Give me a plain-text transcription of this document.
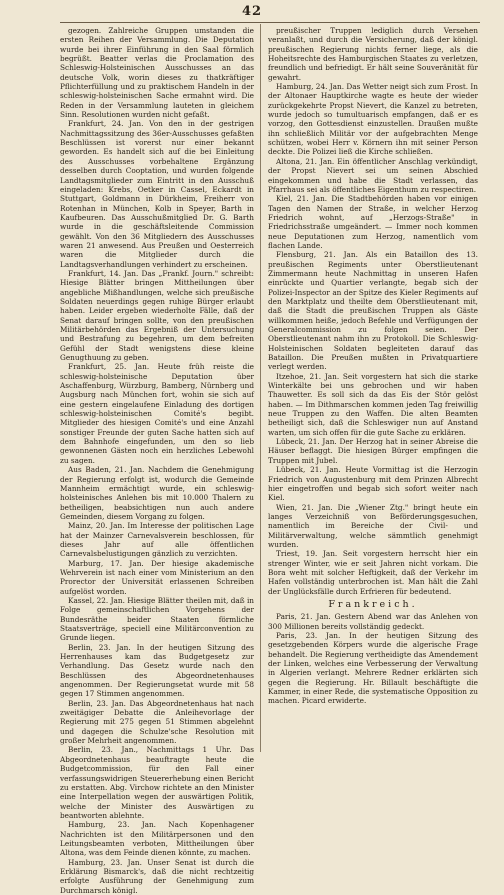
42

gezogen. Zahlreiche Gruppen umstanden die ersten Reihen der Versammlung. Die Deputation wurde bei ihrer Einführung in den Saal förmlich begrüßt. Beatter verlas die Proclamation des Schleswig-Holsteinischen Ausschusses an das deutsche Volk, worin dieses zu thatkräftiger Pflichterfüllung und zu praktischem Handeln in der schleswig-holsteinischen Sache ermahnt wird. Die Reden in der Versammlung lauteten in gleichem Sinn. Resolutionen wurden nicht gefaßt.

Frankfurt, 24. Jan. Von den in der gestrigen Nachmittagssitzung des 36er-Ausschusses gefaßten Beschlüssen ist vorerst nur einer bekannt geworden. Es handelt sich auf die bei Einleitung des Ausschusses vorbehaltene Ergänzung desselben durch Cooptation, und wurden folgende Landtagsmitglieder zum Eintritt in den Ausschuß eingeladen: Krebs, Oetker in Cassel, Eckardt in Stuttgart, Goldmann in Dürkheim, Freiherr von Rotenhan in München, Kolb in Speyer, Barth in Kaufbeuren. Das Ausschußmitglied Dr. G. Barth wurde in die geschäftsleitende Commission gewählt. Von den 36 Mitgliedern des Ausschusses waren 21 anwesend. Aus Preußen und Oesterreich waren die Mitglieder durch die Landtagsverhandlungen verhindert zu erscheinen.

Frankfurt, 14. Jan. Das „Frankf. Journ." schreibt: Hiesige Blätter bringen Mittheilungen über angebliche Mißhandlungen, welche sich preußische Soldaten neuerdings gegen ruhige Bürger erlaubt haben. Leider ergeben wiederholte Fälle, daß der Senat darauf bringen sollte, von den preußischen Militärbehörden das Ergebniß der Untersuchung und Bestrafung zu begehren, um dem befreiten Gefühl der Stadt wenigstens diese kleine Genugthuung zu geben.

Frankfurt, 25. Jan. Heute früh reiste die schleswig-holsteinische Deputation über Aschaffenburg, Würzburg, Bamberg, Nürnberg und Augsburg nach München fort, wohin sie sich auf eine gestern eingelaufene Einladung des dortigen schleswig-holsteinischen Comité's begibt. Mitglieder des hiesigen Comité's und eine Anzahl sonstiger Freunde der guten Sache hatten sich auf dem Bahnhofe eingefunden, um den so lieb gewonnenen Gästen noch ein herzliches Lebewohl zu sagen.

Aus Baden, 21. Jan. Nachdem die Genehmigung der Regierung erfolgt ist, wodurch die Gemeinde Mannheim ermächtigt wurde, ein schleswig-holsteinisches Anlehen bis mit 10.000 Thalern zu betheiligen, beabsichtigen nun auch andere Gemeinden, diesem Vorgang zu folgen.

Mainz, 20. Jan. Im Interesse der politischen Lage hat der Mainzer Carnevalsverein beschlossen, für dieses Jahr auf alle öffentlichen Carnevalsbelustigungen gänzlich zu verzichten.

Marburg, 17. Jan. Der hiesige akademische Wehrverein ist nach einer vom Ministerium an den Prorector der Universität erlassenen Schreiben aufgelöst worden.

Kassel, 22. Jan. Hiesige Blätter theilen mit, daß in Folge gemeinschaftlichen Vorgehens der Bundesräthe beider Staaten förmliche Staatsverträge, speciell eine Militärconvention zu Grunde liegen.

Berlin, 23. Jan. In der heutigen Sitzung des Herrenhauses kam das Budgetgesetz zur Verhandlung. Das Gesetz wurde nach den Beschlüssen des Abgeordnetenhauses angenommen. Der Regierungsetat wurde mit 58 gegen 17 Stimmen angenommen.

Berlin, 23. Jan. Das Abgeordnetenhaus hat nach zweitägiger Debatte die Anleihevorlage der Regierung mit 275 gegen 51 Stimmen abgelehnt und dagegen die Schulze'sche Resolution mit großer Mehrheit angenommen.

Berlin, 23. Jan., Nachmittags 1 Uhr. Das Abgeordnetenhaus beauftragte heute die Budgetcommission, für den Fall einer verfassungswidrigen Steuererhebung einen Bericht zu erstatten. Abg. Virchow richtete an den Minister eine Interpellation wegen der auswärtigen Politik, welche der Minister des Auswärtigen zu beantworten ablehnte.

Hamburg, 23. Jan. Nach Kopenhagener Nachrichten ist den Militärpersonen und den Leitungsbeamten verboten, Mittheilungen über Altona, was dem Feinde dienen könnte, zu machen.

Hamburg, 23. Jan. Unser Senat ist durch die Erklärung Bismarck's, daß die nicht rechtzeitig erfolgte Ausführung der Genehmigung zum Durchmarsch königl.

preußischer Truppen lediglich durch Versehen veranlaßt, und durch die Versicherung, daß der königl. preußischen Regierung nichts ferner liege, als die Hoheitsrechte des Hamburgischen Staates zu verletzen, freundlich und befriedigt. Er hält seine Souveränität für gewahrt.

Hamburg, 24. Jan. Das Wetter neigt sich zum Frost. In der Altonaer Hauptkirche wagte es heute der wieder zurückgekehrte Propst Nievert, die Kanzel zu betreten, wurde jedoch so tumultuarisch empfangen, daß er es vorzog, den Gottesdienst einzustellen. Draußen mußte ihn schließlich Militär vor der aufgebrachten Menge schützen, wobei Herr v. Körnern ihn mit seiner Person deckte. Die Polizei ließ die Kirche schließen.

Altona, 21. Jan. Ein öffentlicher Anschlag verkündigt, der Propst Nievert sei um seinen Abschied eingekommen und habe die Stadt verlassen, das Pfarrhaus sei als öffentliches Eigenthum zu respectiren.

Kiel, 21. Jan. Die Stadtbehörden haben vor einigen Tagen den Namen der Straße, in welcher Herzog Friedrich wohnt, auf „Herzogs-Straße" in Friedrichsstraße umgeändert. — Immer noch kommen neue Deputationen zum Herzog, namentlich vom flachen Lande.

Flensburg, 21. Jan. Als ein Bataillon des 13. preußischen Regiments unter Oberstlieutenant Zimmermann heute Nachmittag in unseren Hafen einrückte und Quartier verlangte, begab sich der Polizei-Inspector an der Spitze des Kieler Regiments auf den Marktplatz und theilte dem Oberstlieutenant mit, daß die Stadt die preußischen Truppen als Gäste willkommen heiße, jedoch Befehle und Verfügungen der Generalcommission zu folgen seien. Der Oberstlieutenant nahm ihn zu Protokoll. Die Schleswig-Holsteinischen Soldaten begleiteten darauf das Bataillon. Die Preußen mußten in Privatquartiere verlegt werden.

Itzehoe, 21. Jan. Seit vorgestern hat sich die starke Winterkälte bei uns gebrochen und wir haben Thauwetter. Es soll sich da das Eis der Stör gelöst haben. — Im Dithmarschen kommen jeden Tag freiwillig neue Truppen zu den Waffen. Die alten Beamten betheiligt sich, daß die Schleswiger nun auf Anstand warten, um sich offen für die gute Sache zu erklären.

Lübeck, 21. Jan. Der Herzog hat in seiner Abreise die Häuser beflaggt. Die hiesigen Bürger empfingen die Truppen mit Jubel.

Lübeck, 21. Jan. Heute Vormittag ist die Herzogin Friedrich von Augustenburg mit dem Prinzen Albrecht hier eingetroffen und begab sich sofort weiter nach Kiel.

Wien, 21. Jan. Die „Wiener Ztg." bringt heute ein langes Verzeichniß von Beförderungsgesuchen, namentlich im Bereiche der Civil- und Militärverwaltung, welche sämmtlich genehmigt wurden.

Triest, 19. Jan. Seit vorgestern herrscht hier ein strenger Winter, wie er seit Jahren nicht vorkam. Die Bora weht mit solcher Heftigkeit, daß der Verkehr im Hafen vollständig unterbrochen ist. Man hält die Zahl der Unglücksfälle durch Erfrieren für bedeutend.

Frankreich.

Paris, 21. Jan. Gestern Abend war das Anlehen von 300 Millionen bereits vollständig gedeckt.

Paris, 23. Jan. In der heutigen Sitzung des gesetzgebenden Körpers wurde die algerische Frage behandelt. Die Regierung vertheidigte das Amendement der Linken, welches eine Verbesserung der Verwaltung in Algerien verlangt. Mehrere Redner erklärten sich gegen die Regierung. Hr. Billault beschäftigte die Kammer, in einer Rede, die systematische Opposition zu machen. Picard erwiderte.
